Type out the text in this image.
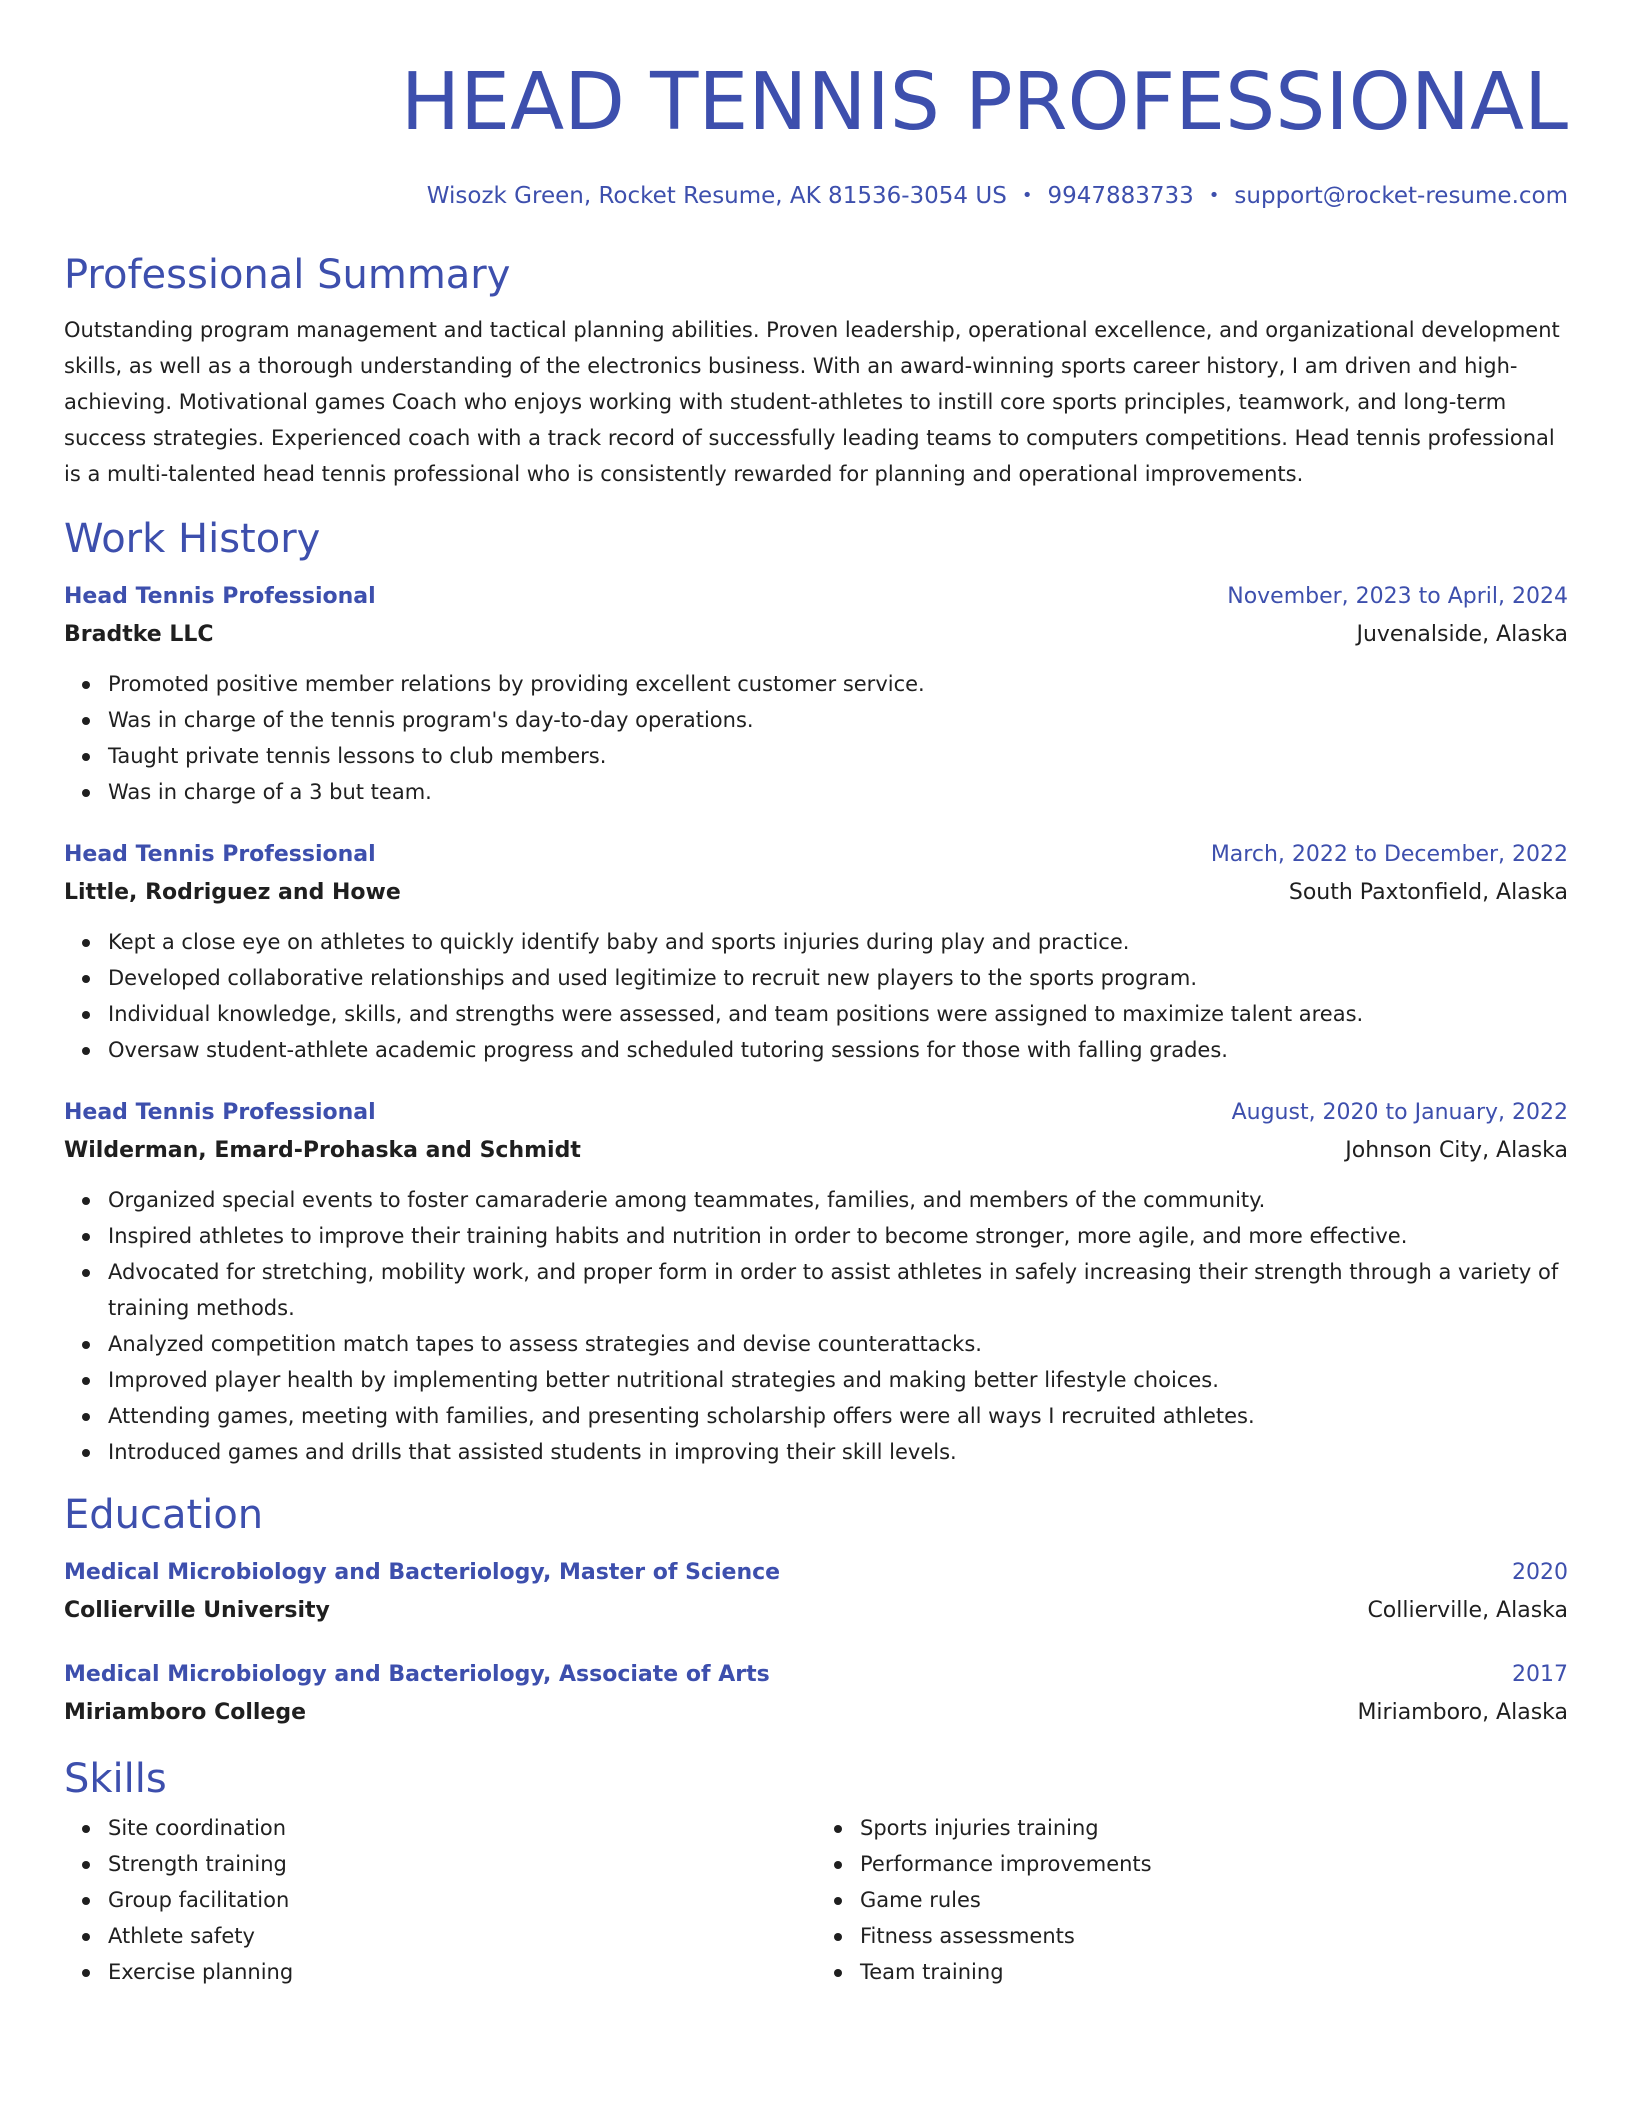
HEAD TENNIS PROFESSIONAL
Wisozk Green, Rocket Resume, AK 81536-3054 US • 9947883733 • support@rocket-resume.com
Professional Summary
Outstanding program management and tactical planning abilities. Proven leadership, operational excellence, and organizational development skills, as well as a thorough understanding of the electronics business. With an award-winning sports career history, I am driven and high-achieving. Motivational games Coach who enjoys working with student-athletes to instill core sports principles, teamwork, and long-term success strategies. Experienced coach with a track record of successfully leading teams to computers competitions. Head tennis professional is a multi-talented head tennis professional who is consistently rewarded for planning and operational improvements.
Work History
Head Tennis Professional	November, 2023 to April, 2024
Bradtke LLC	Juvenalside, Alaska
Promoted positive member relations by providing excellent customer service.
Was in charge of the tennis program's day-to-day operations.
Taught private tennis lessons to club members.
Was in charge of a 3 but team.
Head Tennis Professional	March, 2022 to December, 2022
Little, Rodriguez and Howe	South Paxtonfield, Alaska
Kept a close eye on athletes to quickly identify baby and sports injuries during play and practice.
Developed collaborative relationships and used legitimize to recruit new players to the sports program.
Individual knowledge, skills, and strengths were assessed, and team positions were assigned to maximize talent areas.
Oversaw student-athlete academic progress and scheduled tutoring sessions for those with falling grades.
Head Tennis Professional	August, 2020 to January, 2022
Wilderman, Emard-Prohaska and Schmidt	Johnson City, Alaska
Organized special events to foster camaraderie among teammates, families, and members of the community.
Inspired athletes to improve their training habits and nutrition in order to become stronger, more agile, and more effective.
Advocated for stretching, mobility work, and proper form in order to assist athletes in safely increasing their strength through a variety of training methods.
Analyzed competition match tapes to assess strategies and devise counterattacks.
Improved player health by implementing better nutritional strategies and making better lifestyle choices.
Attending games, meeting with families, and presenting scholarship offers were all ways I recruited athletes.
Introduced games and drills that assisted students in improving their skill levels.
Education
Medical Microbiology and Bacteriology, Master of Science	2020
Collierville University	Collierville, Alaska
Medical Microbiology and Bacteriology, Associate of Arts	2017
Miriamboro College	Miriamboro, Alaska
Skills
Site coordination
Strength training
Group facilitation
Athlete safety
Exercise planning
Sports injuries training
Performance improvements
Game rules
Fitness assessments
Team training
